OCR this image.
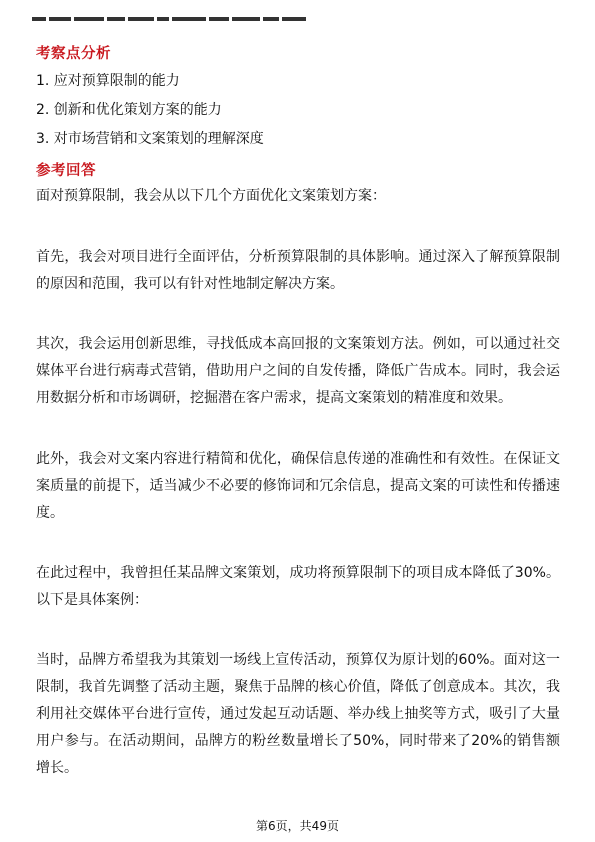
考察点分析
1. 应对预算限制的能力
2. 创新和优化策划方案的能力
3. 对市场营销和文案策划的理解深度
参考回答
面对预算限制，我会从以下几个方面优化文案策划方案：
首先，我会对项目进行全面评估，分析预算限制的具体影响。通过深入了解预算限制的原因和范围，我可以有针对性地制定解决方案。
其次，我会运用创新思维，寻找低成本高回报的文案策划方法。例如，可以通过社交媒体平台进行病毒式营销，借助用户之间的自发传播，降低广告成本。同时，我会运用数据分析和市场调研，挖掘潜在客户需求，提高文案策划的精准度和效果。
此外，我会对文案内容进行精简和优化，确保信息传递的准确性和有效性。在保证文案质量的前提下，适当减少不必要的修饰词和冗余信息，提高文案的可读性和传播速度。
在此过程中，我曾担任某品牌文案策划，成功将预算限制下的项目成本降低了30%。以下是具体案例：
当时，品牌方希望我为其策划一场线上宣传活动，预算仅为原计划的60%。面对这一限制，我首先调整了活动主题，聚焦于品牌的核心价值，降低了创意成本。其次，我利用社交媒体平台进行宣传，通过发起互动话题、举办线上抽奖等方式，吸引了大量用户参与。在活动期间，品牌方的粉丝数量增长了50%，同时带来了20%的销售额增长。
第6页，共49页
